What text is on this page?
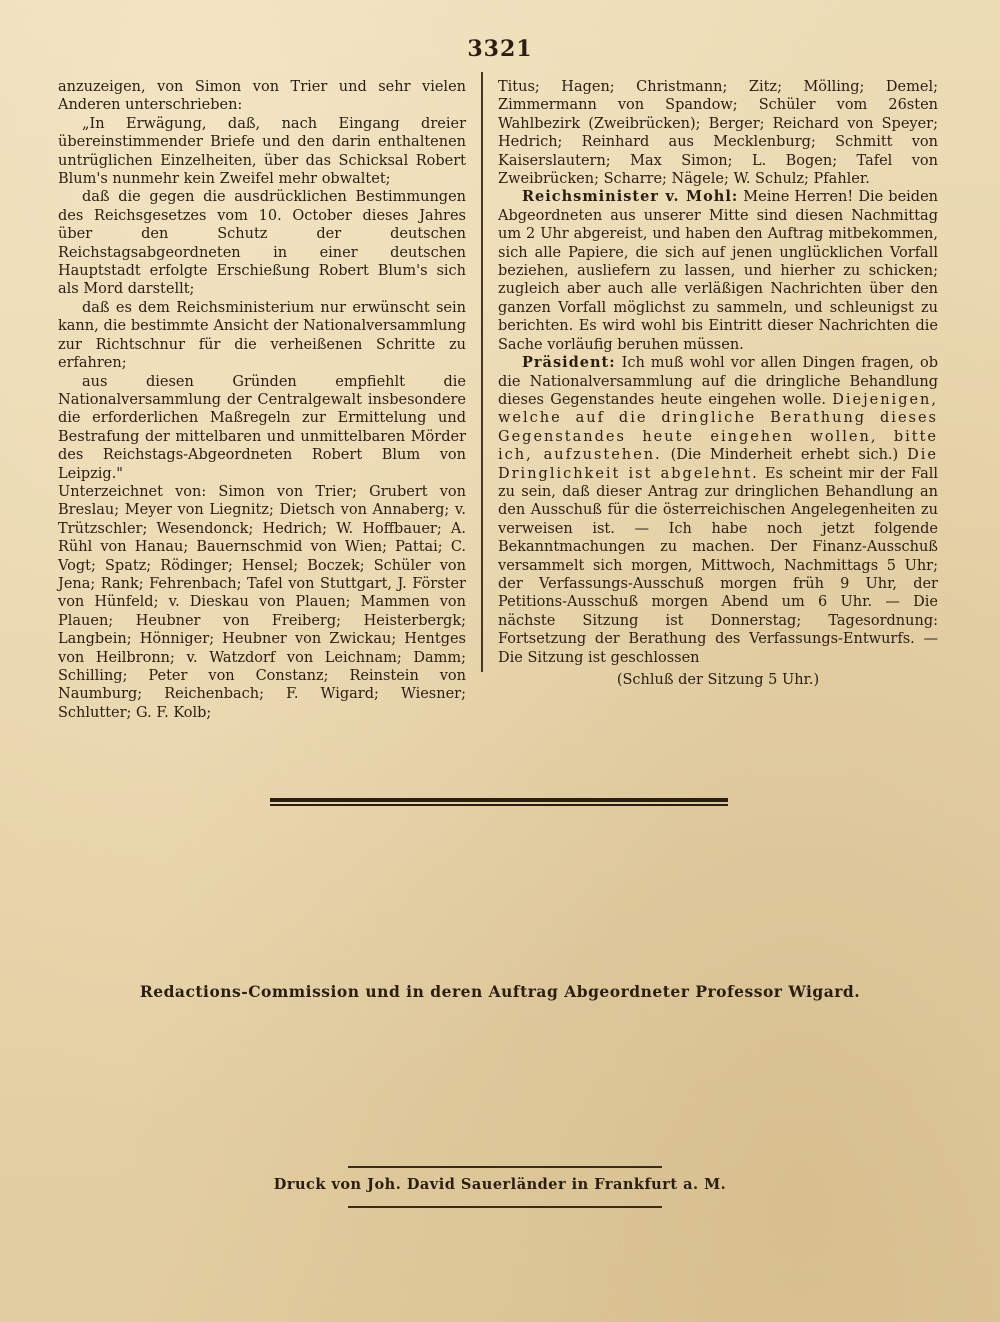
3321

anzuzeigen, von Simon von Trier und sehr vielen Anderen unterschrieben:

„In Erwägung, daß, nach Eingang dreier übereinstimmender Briefe und den darin enthaltenen untrüglichen Einzelheiten, über das Schicksal Robert Blum's nunmehr kein Zweifel mehr obwaltet;

daß die gegen die ausdrücklichen Bestimmungen des Reichsgesetzes vom 10. October dieses Jahres über den Schutz der deutschen Reichstagsabgeordneten in einer deutschen Hauptstadt erfolgte Erschießung Robert Blum's sich als Mord darstellt;

daß es dem Reichsministerium nur erwünscht sein kann, die bestimmte Ansicht der Nationalversammlung zur Richtschnur für die verheißenen Schritte zu erfahren;

aus diesen Gründen empfiehlt die Nationalversammlung der Centralgewalt insbesondere die erforderlichen Maßregeln zur Ermittelung und Bestrafung der mittelbaren und unmittelbaren Mörder des Reichstags-Abgeordneten Robert Blum von Leipzig."

Unterzeichnet von: Simon von Trier; Grubert von Breslau; Meyer von Liegnitz; Dietsch von Annaberg; v. Trützschler; Wesendonck; Hedrich; W. Hoffbauer; A. Rühl von Hanau; Bauernschmid von Wien; Pattai; C. Vogt; Spatz; Rödinger; Hensel; Boczek; Schüler von Jena; Rank; Fehrenbach; Tafel von Stuttgart, J. Förster von Hünfeld; v. Dieskau von Plauen; Mammen von Plauen; Heubner von Freiberg; Heisterbergk; Langbein; Hönniger; Heubner von Zwickau; Hentges von Heilbronn; v. Watzdorf von Leichnam; Damm; Schilling; Peter von Constanz; Reinstein von Naumburg; Reichenbach; F. Wigard; Wiesner; Schlutter; G. F. Kolb;

Titus; Hagen; Christmann; Zitz; Mölling; Demel; Zimmermann von Spandow; Schüler vom 26sten Wahlbezirk (Zweibrücken); Berger; Reichard von Speyer; Hedrich; Reinhard aus Mecklenburg; Schmitt von Kaiserslautern; Max Simon; L. Bogen; Tafel von Zweibrücken; Scharre; Nägele; W. Schulz; Pfahler.

Reichsminister v. Mohl: Meine Herren! Die beiden Abgeordneten aus unserer Mitte sind diesen Nachmittag um 2 Uhr abgereist, und haben den Auftrag mitbekommen, sich alle Papiere, die sich auf jenen unglücklichen Vorfall beziehen, ausliefern zu lassen, und hierher zu schicken; zugleich aber auch alle verläßigen Nachrichten über den ganzen Vorfall möglichst zu sammeln, und schleunigst zu berichten. Es wird wohl bis Eintritt dieser Nachrichten die Sache vorläufig beruhen müssen.

Präsident: Ich muß wohl vor allen Dingen fragen, ob die Nationalversammlung auf die dringliche Behandlung dieses Gegenstandes heute eingehen wolle. Diejenigen, welche auf die dringliche Berathung dieses Gegenstandes heute eingehen wollen, bitte ich, aufzustehen. (Die Minderheit erhebt sich.) Die Dringlichkeit ist abgelehnt. Es scheint mir der Fall zu sein, daß dieser Antrag zur dringlichen Behandlung an den Ausschuß für die österreichischen Angelegenheiten zu verweisen ist. — Ich habe noch jetzt folgende Bekanntmachungen zu machen. Der Finanz-Ausschuß versammelt sich morgen, Mittwoch, Nachmittags 5 Uhr; der Verfassungs-Ausschuß morgen früh 9 Uhr, der Petitions-Ausschuß morgen Abend um 6 Uhr. — Die nächste Sitzung ist Donnerstag; Tagesordnung: Fortsetzung der Berathung des Verfassungs-Entwurfs. — Die Sitzung ist geschlossen

(Schluß der Sitzung 5 Uhr.)

Redactions-Commission und in deren Auftrag Abgeordneter Professor Wigard.
Druck von Joh. David Sauerländer in Frankfurt a. M.
